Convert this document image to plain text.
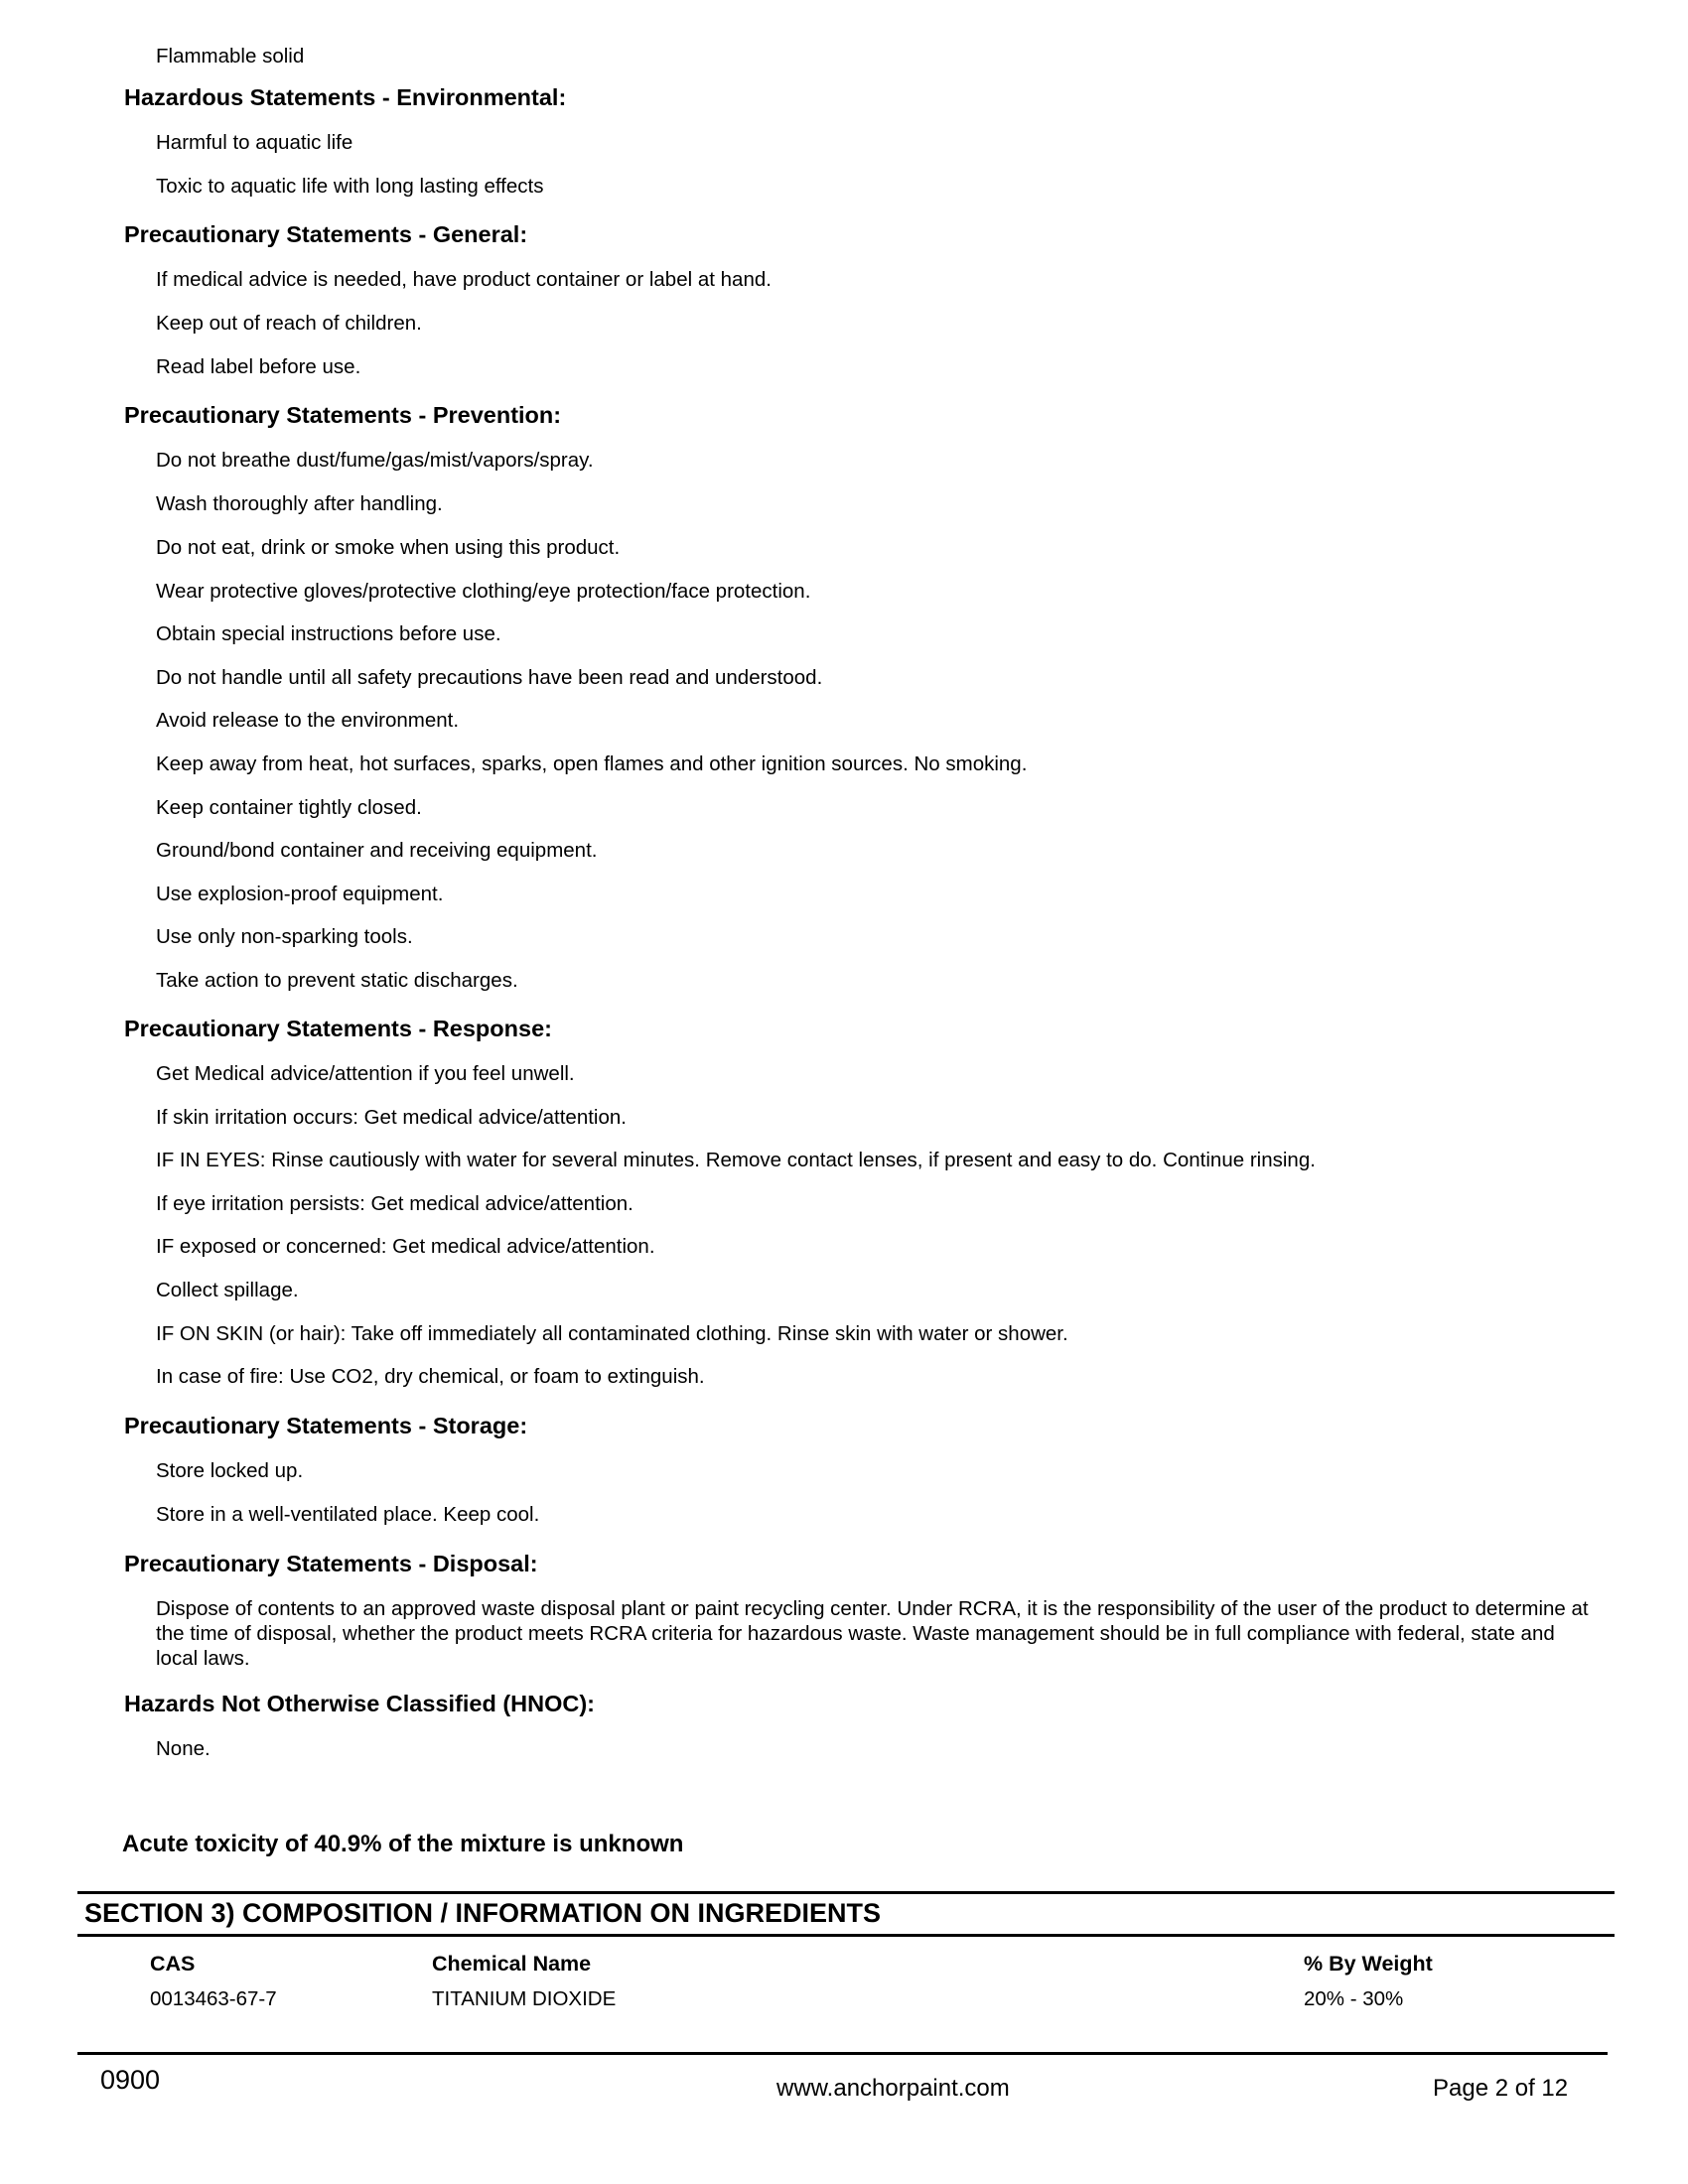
Flammable solid
Hazardous Statements - Environmental:
Harmful to aquatic life
Toxic to aquatic life with long lasting effects
Precautionary Statements - General:
If medical advice is needed, have product container or label at hand.
Keep out of reach of children.
Read label before use.
Precautionary Statements - Prevention:
Do not breathe dust/fume/gas/mist/vapors/spray.
Wash thoroughly after handling.
Do not eat, drink or smoke when using this product.
Wear protective gloves/protective clothing/eye protection/face protection.
Obtain special instructions before use.
Do not handle until all safety precautions have been read and understood.
Avoid release to the environment.
Keep away from heat, hot surfaces, sparks, open flames and other ignition sources. No smoking.
Keep container tightly closed.
Ground/bond container and receiving equipment.
Use explosion-proof equipment.
Use only non-sparking tools.
Take action to prevent static discharges.
Precautionary Statements - Response:
Get Medical advice/attention if you feel unwell.
If skin irritation occurs: Get medical advice/attention.
IF IN EYES: Rinse cautiously with water for several minutes. Remove contact lenses, if present and easy to do. Continue rinsing.
If eye irritation persists: Get medical advice/attention.
IF exposed or concerned: Get medical advice/attention.
Collect spillage.
IF ON SKIN (or hair): Take off immediately all contaminated clothing. Rinse skin with water or shower.
In case of fire: Use CO2, dry chemical, or foam to extinguish.
Precautionary Statements - Storage:
Store locked up.
Store in a well-ventilated place. Keep cool.
Precautionary Statements - Disposal:
Dispose of contents to an approved waste disposal plant or paint recycling center. Under RCRA, it is the responsibility of the user of the product to determine at the time of disposal, whether the product meets RCRA criteria for hazardous waste. Waste management should be in full compliance with federal, state and local laws.
Hazards Not Otherwise Classified (HNOC):
None.
Acute toxicity of 40.9% of the mixture is unknown
SECTION 3) COMPOSITION / INFORMATION ON INGREDIENTS
CAS	Chemical Name	% By Weight
0013463-67-7	TITANIUM DIOXIDE	20% - 30%
0900	www.anchorpaint.com	Page 2 of 12
